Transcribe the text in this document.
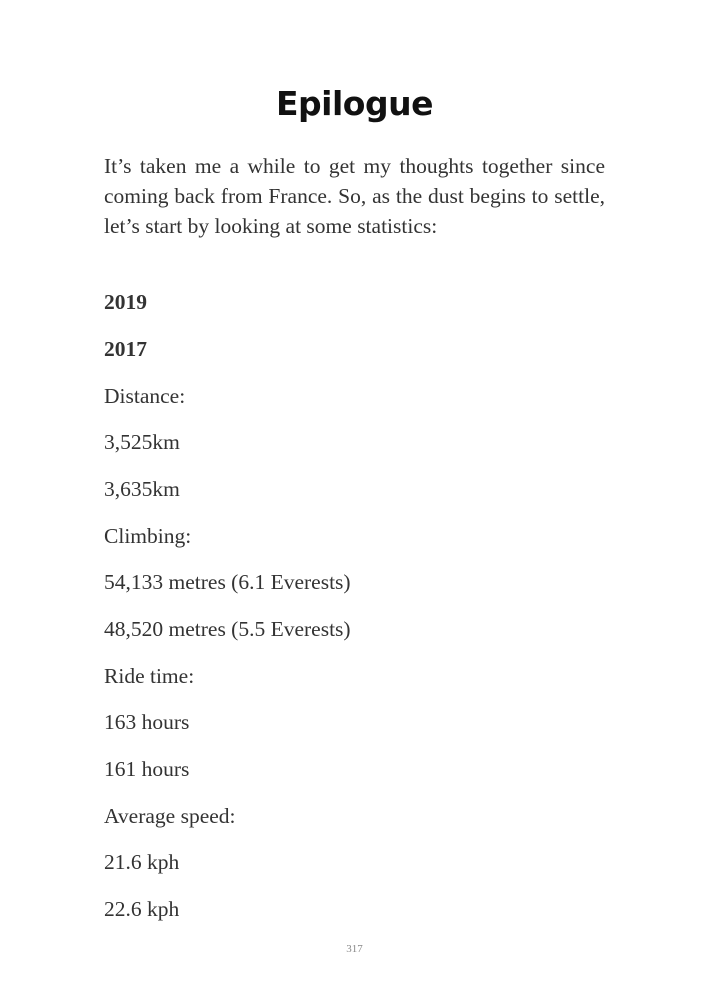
Epilogue

It’s taken me a while to get my thoughts together since coming back from France. So, as the dust begins to settle, let’s start by looking at some statistics:

2019

2017

Distance:

3,525km

3,635km

Climbing:

54,133 metres (6.1 Everests)

48,520 metres (5.5 Everests)

Ride time:

163 hours

161 hours

Average speed:

21.6 kph

22.6 kph

317
